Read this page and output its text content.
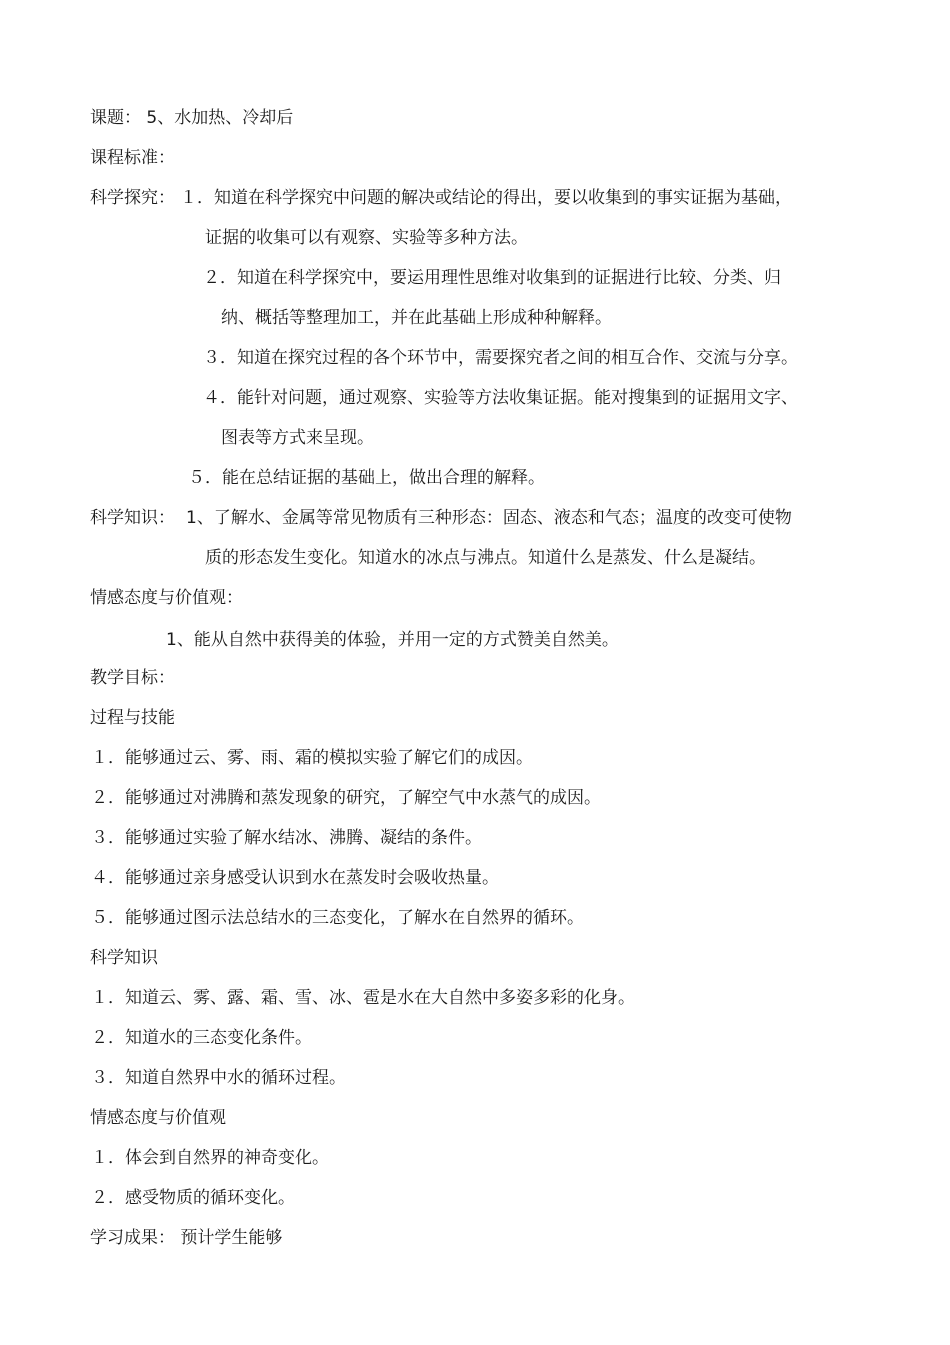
课题： 5、水加热、冷却后
课程标准：
科学探究： １．知道在科学探究中问题的解决或结论的得出，要以收集到的事实证据为基础，
证据的收集可以有观察、实验等多种方法。
２．知道在科学探究中，要运用理性思维对收集到的证据进行比较、分类、归
纳、概括等整理加工，并在此基础上形成种种解释。
３．知道在探究过程的各个环节中，需要探究者之间的相互合作、交流与分享。
４．能针对问题，通过观察、实验等方法收集证据。能对搜集到的证据用文字、
图表等方式来呈现。
５．能在总结证据的基础上，做出合理的解释。
科学知识： 1、了解水、金属等常见物质有三种形态：固态、液态和气态；温度的改变可使物
质的形态发生变化。知道水的冰点与沸点。知道什么是蒸发、什么是凝结。
情感态度与价值观：
1、能从自然中获得美的体验，并用一定的方式赞美自然美。
教学目标：
过程与技能
１．能够通过云、雾、雨、霜的模拟实验了解它们的成因。
２．能够通过对沸腾和蒸发现象的研究，了解空气中水蒸气的成因。
３．能够通过实验了解水结冰、沸腾、凝结的条件。
４．能够通过亲身感受认识到水在蒸发时会吸收热量。
５．能够通过图示法总结水的三态变化，了解水在自然界的循环。
科学知识
１．知道云、雾、露、霜、雪、冰、雹是水在大自然中多姿多彩的化身。
２．知道水的三态变化条件。
３．知道自然界中水的循环过程。
情感态度与价值观
１．体会到自然界的神奇变化。
２．感受物质的循环变化。
学习成果： 预计学生能够
